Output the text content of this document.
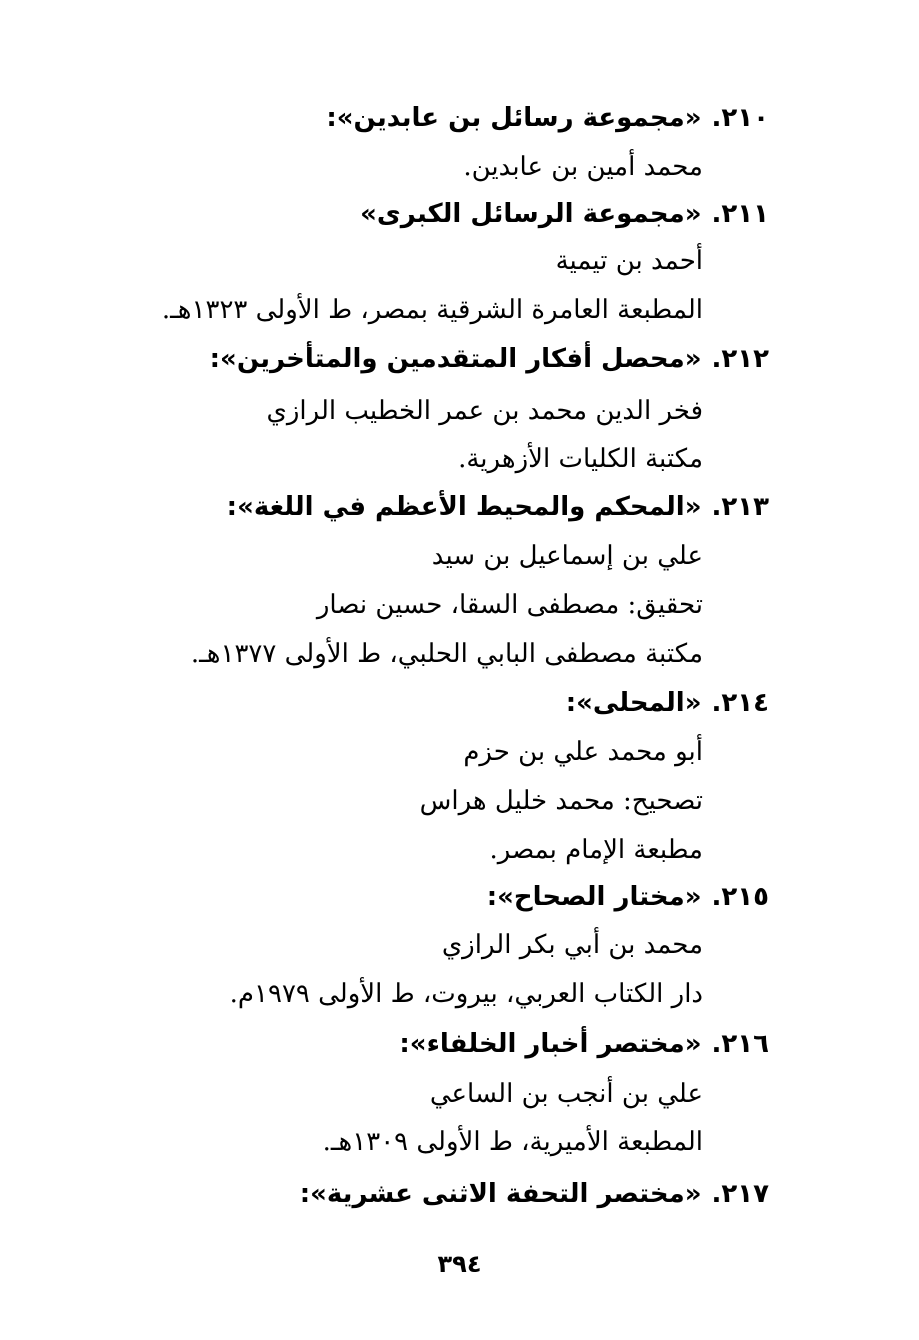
٢١٠.«مجموعة رسائل بن عابدين»:
محمد أمين بن عابدين.
٢١١.«مجموعة الرسائل الكبرى»
أحمد بن تيمية
المطبعة العامرة الشرقية بمصر، ط الأولى ١٣٢٣هـ.
٢١٢.«محصل أفكار المتقدمين والمتأخرين»:
فخر الدين محمد بن عمر الخطيب الرازي
مكتبة الكليات الأزهرية.
٢١٣.«المحكم والمحيط الأعظم في اللغة»:
علي بن إسماعيل بن سيد
تحقيق: مصطفى السقا، حسين نصار
مكتبة مصطفى البابي الحلبي، ط الأولى ١٣٧٧هـ.
٢١٤.«المحلى»:
أبو محمد علي بن حزم
تصحيح: محمد خليل هراس
مطبعة الإمام بمصر.
٢١٥.«مختار الصحاح»:
محمد بن أبي بكر الرازي
دار الكتاب العربي، بيروت، ط الأولى ١٩٧٩م.
٢١٦.«مختصر أخبار الخلفاء»:
علي بن أنجب بن الساعي
المطبعة الأميرية، ط الأولى ١٣٠٩هـ.
٢١٧.«مختصر التحفة الاثنى عشرية»:
٣٩٤
